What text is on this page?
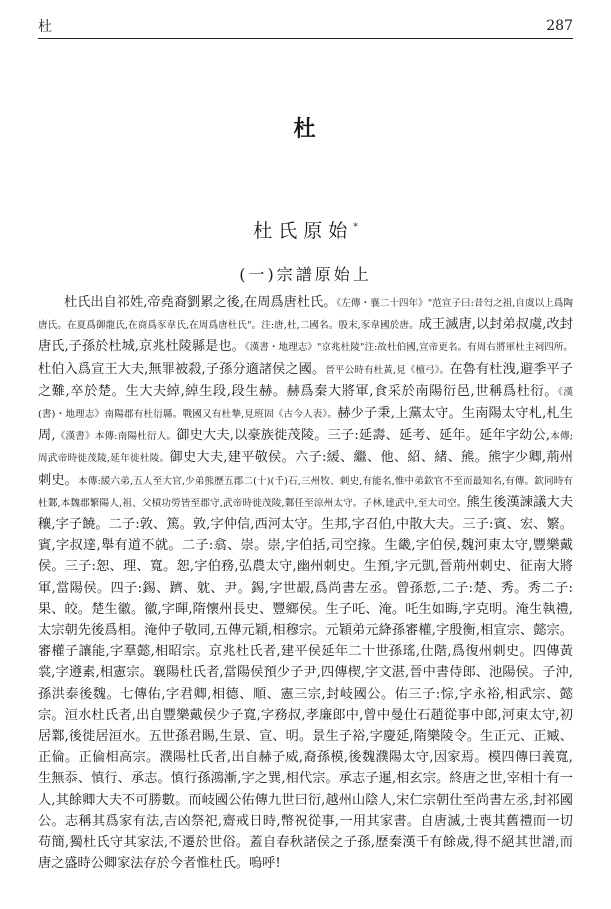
杜	287
杜
杜氏原始*
(一)宗譜原始上
杜氏出自祁姓,帝堯裔劉累之後,在周爲唐杜氏。《左傳・襄二十四年》"范宣子曰:昔匄之祖,自虞以上爲陶唐氏。在夏爲御龍氏,在商爲豕韋氏,在周爲唐杜氏"。注:唐,杜,二國名。殷末,豕韋國於唐。成王滅唐,以封弟叔虞,改封唐氏,子孫於杜城,京兆杜陵縣是也。《漢書・地理志》"京兆杜陵"注:故杜伯國,宣帝更名。有周右將軍杜主祠四所。杜伯入爲宣王大夫,無罪被殺,子孫分適諸侯之國。晉平公時有杜黃,見《檀弓》。在魯有杜洩,避季平子之難,卒於楚。生大夫綽,綽生段,段生赫。赫爲秦大將軍,食采於南陽衍邑,世稱爲杜衍。《漢(書)・地理志》南陽郡有杜衍縣。戰國又有杜摯,見班固《古今人表》。赫少子秉,上黨太守。生南陽太守札,札生周,《漢書》本傳:南陽杜衍人。御史大夫,以豪族徙茂陵。三子:延壽、延考、延年。延年字幼公,本傳;周武帝時徙茂陵,延年徙杜陵。御史大夫,建平敬侯。六子:緩、繼、他、紹、緒、熊。熊字少卿,荊州刺史。本傳:緩六弟,五人至大官,少弟熊歷五郡二(十)(千)石,三州牧、刺史,有能名,惟中弟欽官不至而最知名,有傳。欽同時有杜鄴,本魏郡繁陽人,祖、父槓功勞皆至郡守,武帝時徙茂陵,鄴任至涼州太守。子林,建武中,至大司空。熊生後漢諫議大夫穰,字子饒。二子:敦、篤。敦,字仲信,西河太守。生邦,字召伯,中散大夫。三子:賓、宏、繁。賓,字叔達,舉有道不就。二子:翕、崇。崇,字伯括,司空掾。生畿,字伯侯,魏河東太守,豐樂戴侯。三子:恕、理、寬。恕,字伯務,弘農太守,幽州刺史。生預,字元凱,晉荊州刺史、征南大將軍,當陽侯。四子:錫、躋、躭、尹。錫,字世嘏,爲尚書左丞。曾孫悊,二子:楚、秀。秀二子:果、皎。楚生徽。徽,字暉,隋懷州長史、豐鄉侯。生子吒、淹。吒生如晦,字克明。淹生執禮,太宗朝先後爲相。淹仲子敬同,五傳元穎,相穆宗。元穎弟元絳孫審權,字殷衡,相宣宗、懿宗。審權子讓能,字羣懿,相昭宗。京兆杜氏者,建平侯延年二十世孫瑤,仕階,爲復州刺史。四傳黃裳,字遵素,相憲宗。襄陽杜氏者,當陽侯預少子尹,四傳楔,字文湛,晉中書侍郎、池陽侯。子沖,孫洪泰後魏。七傳佑,字君卿,相德、順、憲三宗,封岐國公。佑三子:悰,字永裕,相武宗、懿宗。洹水杜氏者,出自豐樂戴侯少子寬,字務叔,孝廉郎中,曾中曼仕石趙從事中郎,河東太守,初居鄴,後徙居洹水。五世孫君賜,生景、宣、明。景生子裕,字慶延,隋樂陵令。生正元、正臧、正倫。正倫相高宗。濮陽杜氏者,出自赫子威,裔孫模,後魏濮陽太守,因家焉。模四傳曰義寬,生無忝、慎行、承志。慎行孫鴻漸,字之巽,相代宗。承志子暹,相玄宗。終唐之世,宰相十有一人,其餘卿大夫不可勝數。而岐國公佑傳九世曰衍,越州山陰人,宋仁宗朝仕至尚書左丞,封祁國公。志稱其爲家有法,吉凶祭祀,齋戒日時,幣祝從事,一用其家書。自唐滅,士喪其舊禮而一切苟簡,獨杜氏守其家法,不遷於世俗。蓋自春秋諸侯之子孫,歷秦漢千有餘歲,得不絕其世譜,而唐之盛時公卿家法存於今者惟杜氏。嗚呼!
